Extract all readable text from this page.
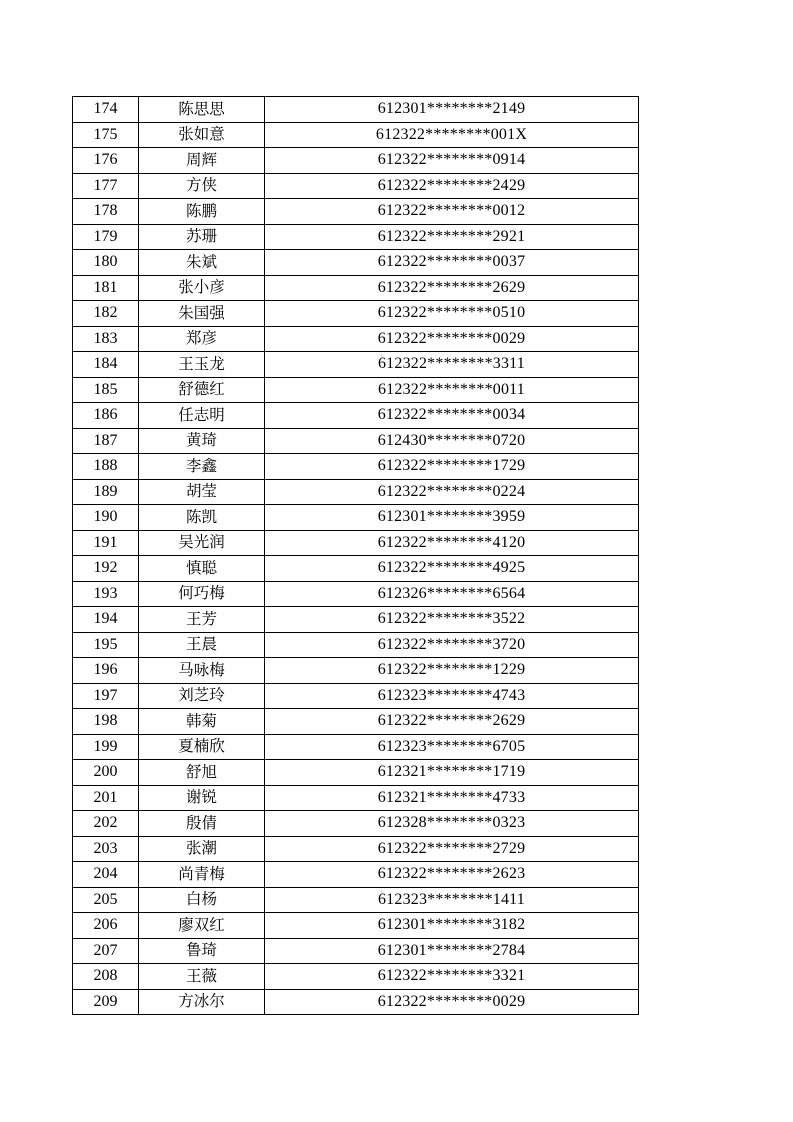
174	陈思思	612301********2149
175	张如意	612322********001X
176	周辉	612322********0914
177	方侠	612322********2429
178	陈鹏	612322********0012
179	苏珊	612322********2921
180	朱斌	612322********0037
181	张小彦	612322********2629
182	朱国强	612322********0510
183	郑彦	612322********0029
184	王玉龙	612322********3311
185	舒德红	612322********0011
186	任志明	612322********0034
187	黄琦	612430********0720
188	李鑫	612322********1729
189	胡莹	612322********0224
190	陈凯	612301********3959
191	吴光润	612322********4120
192	慎聪	612322********4925
193	何巧梅	612326********6564
194	王芳	612322********3522
195	王晨	612322********3720
196	马咏梅	612322********1229
197	刘芝玲	612323********4743
198	韩菊	612322********2629
199	夏楠欣	612323********6705
200	舒旭	612321********1719
201	谢锐	612321********4733
202	殷倩	612328********0323
203	张潮	612322********2729
204	尚青梅	612322********2623
205	白杨	612323********1411
206	廖双红	612301********3182
207	鲁琦	612301********2784
208	王薇	612322********3321
209	方冰尔	612322********0029
